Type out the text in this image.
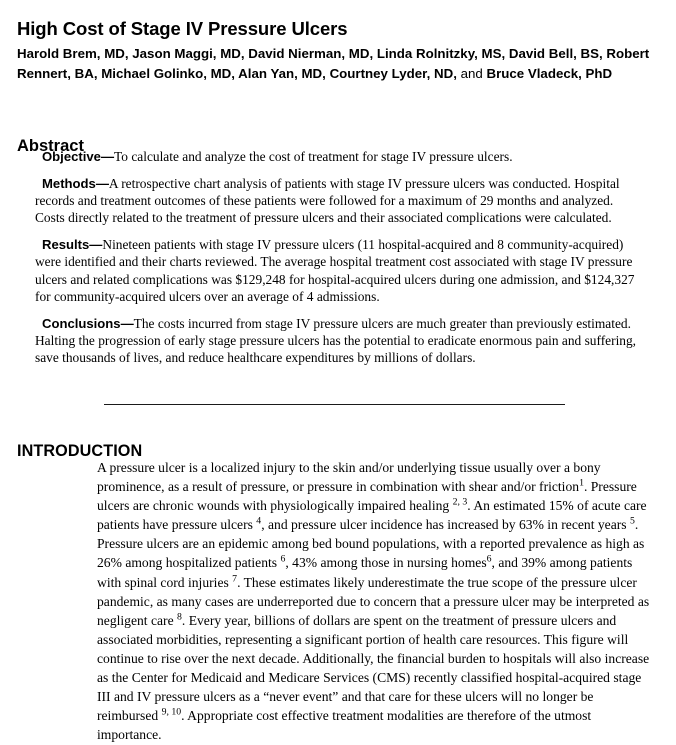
High Cost of Stage IV Pressure Ulcers
Harold Brem, MD, Jason Maggi, MD, David Nierman, MD, Linda Rolnitzky, MS, David Bell, BS, Robert Rennert, BA, Michael Golinko, MD, Alan Yan, MD, Courtney Lyder, ND, and Bruce Vladeck, PhD
Abstract

Objective—To calculate and analyze the cost of treatment for stage IV pressure ulcers.

Methods—A retrospective chart analysis of patients with stage IV pressure ulcers was conducted. Hospital records and treatment outcomes of these patients were followed for a maximum of 29 months and analyzed. Costs directly related to the treatment of pressure ulcers and their associated complications were calculated.

Results—Nineteen patients with stage IV pressure ulcers (11 hospital-acquired and 8 community-acquired) were identified and their charts reviewed. The average hospital treatment cost associated with stage IV pressure ulcers and related complications was $129,248 for hospital-acquired ulcers during one admission, and $124,327 for community-acquired ulcers over an average of 4 admissions.

Conclusions—The costs incurred from stage IV pressure ulcers are much greater than previously estimated. Halting the progression of early stage pressure ulcers has the potential to eradicate enormous pain and suffering, save thousands of lives, and reduce healthcare expenditures by millions of dollars.

INTRODUCTION

A pressure ulcer is a localized injury to the skin and/or underlying tissue usually over a bony prominence, as a result of pressure, or pressure in combination with shear and/or friction$^1$. Pressure ulcers are chronic wounds with physiologically impaired healing $^{2, 3}$. An estimated 15% of acute care patients have pressure ulcers $^4$, and pressure ulcer incidence has increased by 63% in recent years $^5$. Pressure ulcers are an epidemic among bed bound populations, with a reported prevalence as high as 26% among hospitalized patients $^6$, 43% among those in nursing homes$^6$, and 39% among patients with spinal cord injuries $^7$. These estimates likely underestimate the true scope of the pressure ulcer pandemic, as many cases are underreported due to concern that a pressure ulcer may be interpreted as negligent care $^8$. Every year, billions of dollars are spent on the treatment of pressure ulcers and associated morbidities, representing a significant portion of health care resources. This figure will continue to rise over the next decade. Additionally, the financial burden to hospitals will also increase as the Center for Medicaid and Medicare Services (CMS) recently classified hospital-acquired stage III and IV pressure ulcers as a “never event” and that care for these ulcers will no longer be reimbursed $^{9, 10}$. Appropriate cost effective treatment modalities are therefore of the utmost importance.
